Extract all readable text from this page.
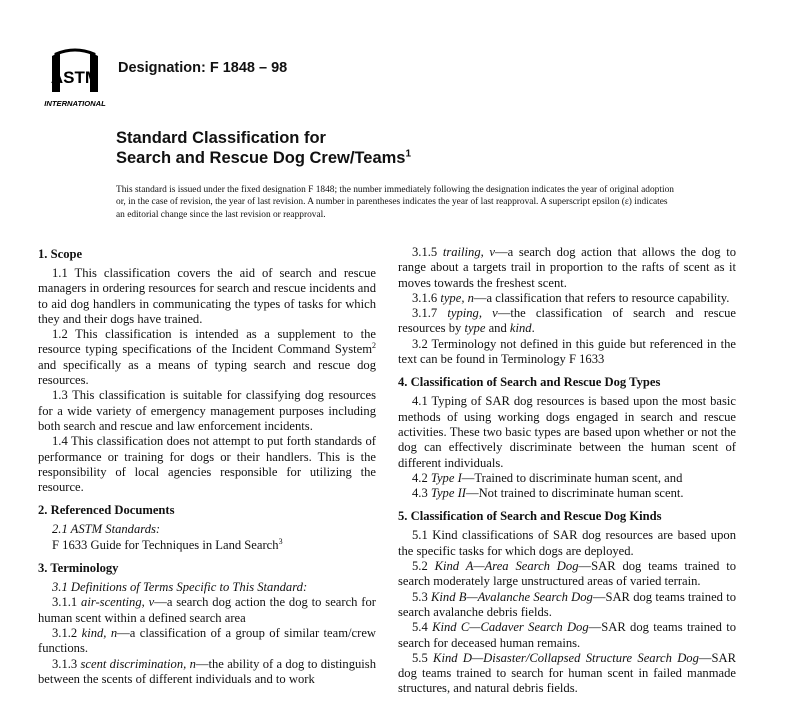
ASTM
INTERNATIONAL
Designation: F 1848 – 98
Standard Classification for
Search and Rescue Dog Crew/Teams$^1$
This standard is issued under the fixed designation F 1848; the number immediately following the designation indicates the year of original adoption or, in the case of revision, the year of last revision. A number in parentheses indicates the year of last reapproval. A superscript epsilon (ε) indicates an editorial change since the last revision or reapproval.
1. Scope

1.1 This classification covers the aid of search and rescue managers in ordering resources for search and rescue incidents and to aid dog handlers in communicating the types of tasks for which they and their dogs have trained.

1.2 This classification is intended as a supplement to the resource typing specifications of the Incident Command System$^2$ and specifically as a means of typing search and rescue dog resources.

1.3 This classification is suitable for classifying dog resources for a wide variety of emergency management purposes including both search and rescue and law enforcement incidents.

1.4 This classification does not attempt to put forth standards of performance or training for dogs or their handlers. This is the responsibility of local agencies responsible for utilizing the resource.

2. Referenced Documents

2.1 ASTM Standards:

F 1633 Guide for Techniques in Land Search$^3$

3. Terminology

3.1 Definitions of Terms Specific to This Standard:

3.1.1 air-scenting, v—a search dog action the dog to search for human scent within a defined search area

3.1.2 kind, n—a classification of a group of similar team/crew functions.

3.1.3 scent discrimination, n—the ability of a dog to distinguish between the scents of different individuals and to work

3.1.5 trailing, v—a search dog action that allows the dog to range about a targets trail in proportion to the rafts of scent as it moves towards the freshest scent.

3.1.6 type, n—a classification that refers to resource capability.

3.1.7 typing, v—the classification of search and rescue resources by type and kind.

3.2 Terminology not defined in this guide but referenced in the text can be found in Terminology F 1633

4. Classification of Search and Rescue Dog Types

4.1 Typing of SAR dog resources is based upon the most basic methods of using working dogs engaged in search and rescue activities. These two basic types are based upon whether or not the dog can effectively discriminate between the human scent of different individuals.

4.2 Type I—Trained to discriminate human scent, and

4.3 Type II—Not trained to discriminate human scent.

5. Classification of Search and Rescue Dog Kinds

5.1 Kind classifications of SAR dog resources are based upon the specific tasks for which dogs are deployed.

5.2 Kind A—Area Search Dog—SAR dog teams trained to search moderately large unstructured areas of varied terrain.

5.3 Kind B—Avalanche Search Dog—SAR dog teams trained to search avalanche debris fields.

5.4 Kind C—Cadaver Search Dog—SAR dog teams trained to search for deceased human remains.

5.5 Kind D—Disaster/Collapsed Structure Search Dog—SAR dog teams trained to search for human scent in failed manmade structures, and natural debris fields.
